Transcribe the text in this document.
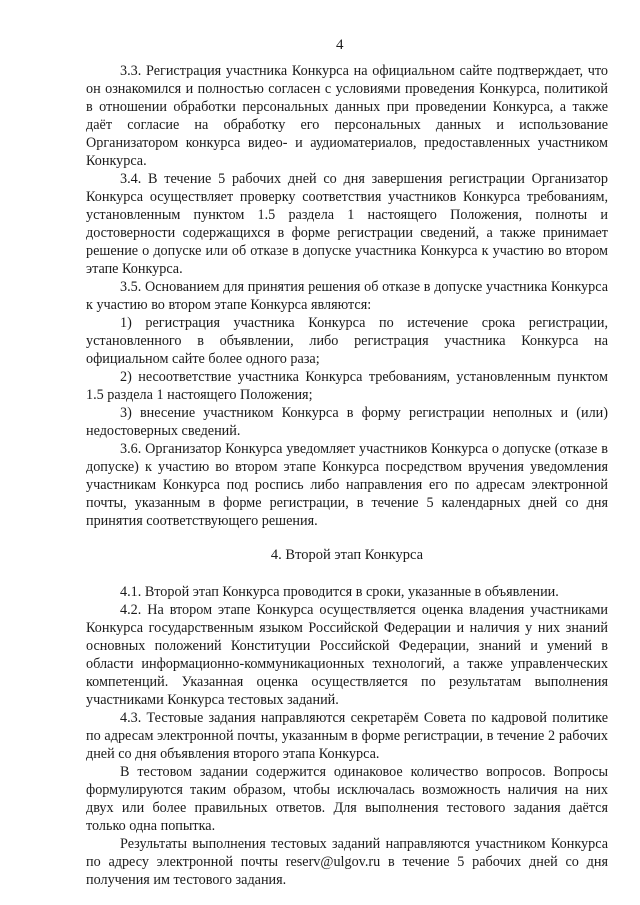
4

3.3. Регистрация участника Конкурса на официальном сайте подтверждает, что он ознакомился и полностью согласен с условиями проведения Конкурса, политикой в отношении обработки персональных данных при проведении Конкурса, а также даёт согласие на обработку его персональных данных и использование Организатором конкурса видео- и аудиоматериалов, предоставленных участником Конкурса.

3.4. В течение 5 рабочих дней со дня завершения регистрации Организатор Конкурса осуществляет проверку соответствия участников Конкурса требованиям, установленным пунктом 1.5 раздела 1 настоящего Положения, полноты и достоверности содержащихся в форме регистрации сведений, а также принимает решение о допуске или об отказе в допуске участника Конкурса к участию во втором этапе Конкурса.

3.5. Основанием для принятия решения об отказе в допуске участника Конкурса к участию во втором этапе Конкурса являются:

1) регистрация участника Конкурса по истечение срока регистрации, установленного в объявлении, либо регистрация участника Конкурса на официальном сайте более одного раза;

2) несоответствие участника Конкурса требованиям, установленным пунктом 1.5 раздела 1 настоящего Положения;

3) внесение участником Конкурса в форму регистрации неполных и (или) недостоверных сведений.

3.6. Организатор Конкурса уведомляет участников Конкурса о допуске (отказе в допуске) к участию во втором этапе Конкурса посредством вручения уведомления участникам Конкурса под роспись либо направления его по адресам электронной почты, указанным в форме регистрации, в течение 5 календарных дней со дня принятия соответствующего решения.

4. Второй этап Конкурса

4.1. Второй этап Конкурса проводится в сроки, указанные в объявлении.

4.2. На втором этапе Конкурса осуществляется оценка владения участниками Конкурса государственным языком Российской Федерации и наличия у них знаний основных положений Конституции Российской Федерации, знаний и умений в области информационно-коммуникационных технологий, а также управленческих компетенций. Указанная оценка осуществляется по результатам выполнения участниками Конкурса тестовых заданий.

4.3. Тестовые задания направляются секретарём Совета по кадровой политике по адресам электронной почты, указанным в форме регистрации, в течение 2 рабочих дней со дня объявления второго этапа Конкурса.

В тестовом задании содержится одинаковое количество вопросов. Вопросы формулируются таким образом, чтобы исключалась возможность наличия на них двух или более правильных ответов. Для выполнения тестового задания даётся только одна попытка.

Результаты выполнения тестовых заданий направляются участником Конкурса по адресу электронной почты reserv@ulgov.ru в течение 5 рабочих дней со дня получения им тестового задания.
